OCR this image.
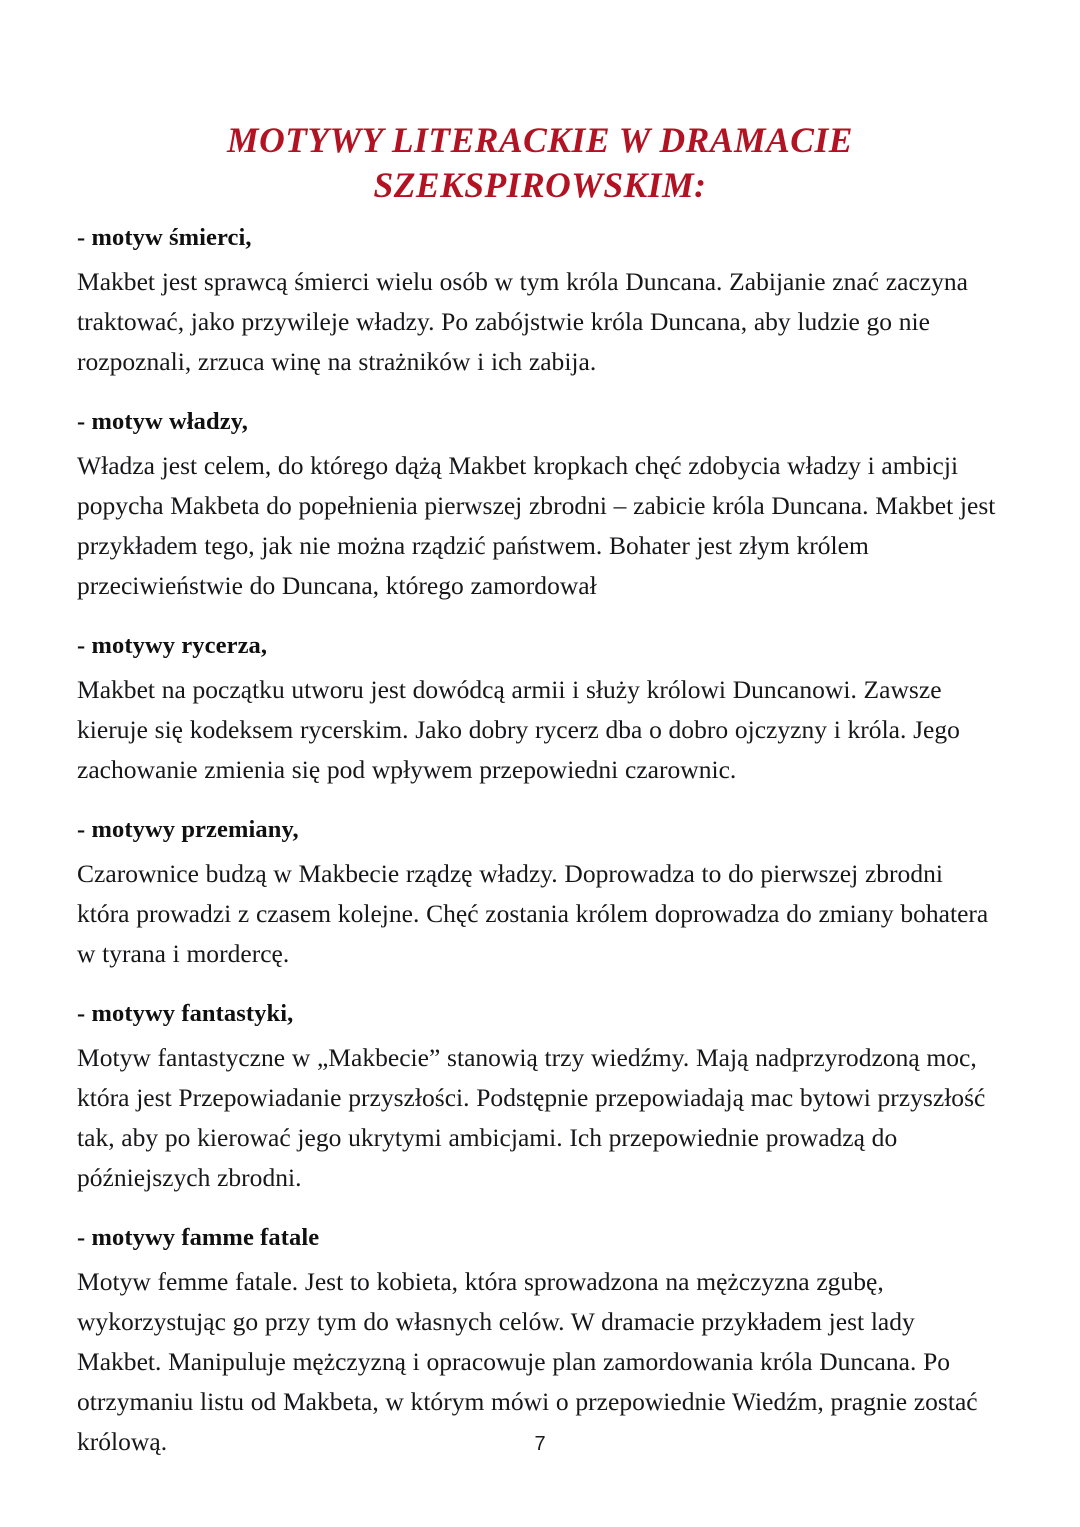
MOTYWY LITERACKIE W DRAMACIE
SZEKSPIROWSKIM:
- motyw śmierci,

Makbet jest sprawcą śmierci wielu osób w tym króla Duncana. Zabijanie znać zaczyna traktować, jako przywileje władzy. Po zabójstwie króla Duncana, aby ludzie go nie rozpoznali, zrzuca winę na strażników i ich zabija.

- motyw władzy,

Władza jest celem, do którego dążą Makbet kropkach chęć zdobycia władzy i ambicji popycha Makbeta do popełnienia pierwszej zbrodni – zabicie króla Duncana. Makbet jest przykładem tego, jak nie można rządzić państwem. Bohater jest złym królem przeciwieństwie do Duncana, którego zamordował

- motywy rycerza,

Makbet na początku utworu jest dowódcą armii i służy królowi Duncanowi. Zawsze kieruje się kodeksem rycerskim. Jako dobry rycerz dba o dobro ojczyzny i króla. Jego zachowanie zmienia się pod wpływem przepowiedni czarownic.

- motywy przemiany,

Czarownice budzą w Makbecie rządzę władzy. Doprowadza to do pierwszej zbrodni która prowadzi z czasem kolejne. Chęć zostania królem doprowadza do zmiany bohatera w tyrana i mordercę.

- motywy fantastyki,

Motyw fantastyczne w „Makbecie” stanowią trzy wiedźmy. Mają nadprzyrodzoną moc, która jest Przepowiadanie przyszłości. Podstępnie przepowiadają mac bytowi przyszłość tak, aby po kierować jego ukrytymi ambicjami. Ich przepowiednie prowadzą do późniejszych zbrodni.

- motywy famme fatale

Motyw femme fatale. Jest to kobieta, która sprowadzona na mężczyzna zgubę, wykorzystując go przy tym do własnych celów. W dramacie przykładem jest lady Makbet. Manipuluje mężczyzną i opracowuje plan zamordowania króla Duncana. Po otrzymaniu listu od Makbeta, w którym mówi o przepowiednie Wiedźm, pragnie zostać królową.	7
